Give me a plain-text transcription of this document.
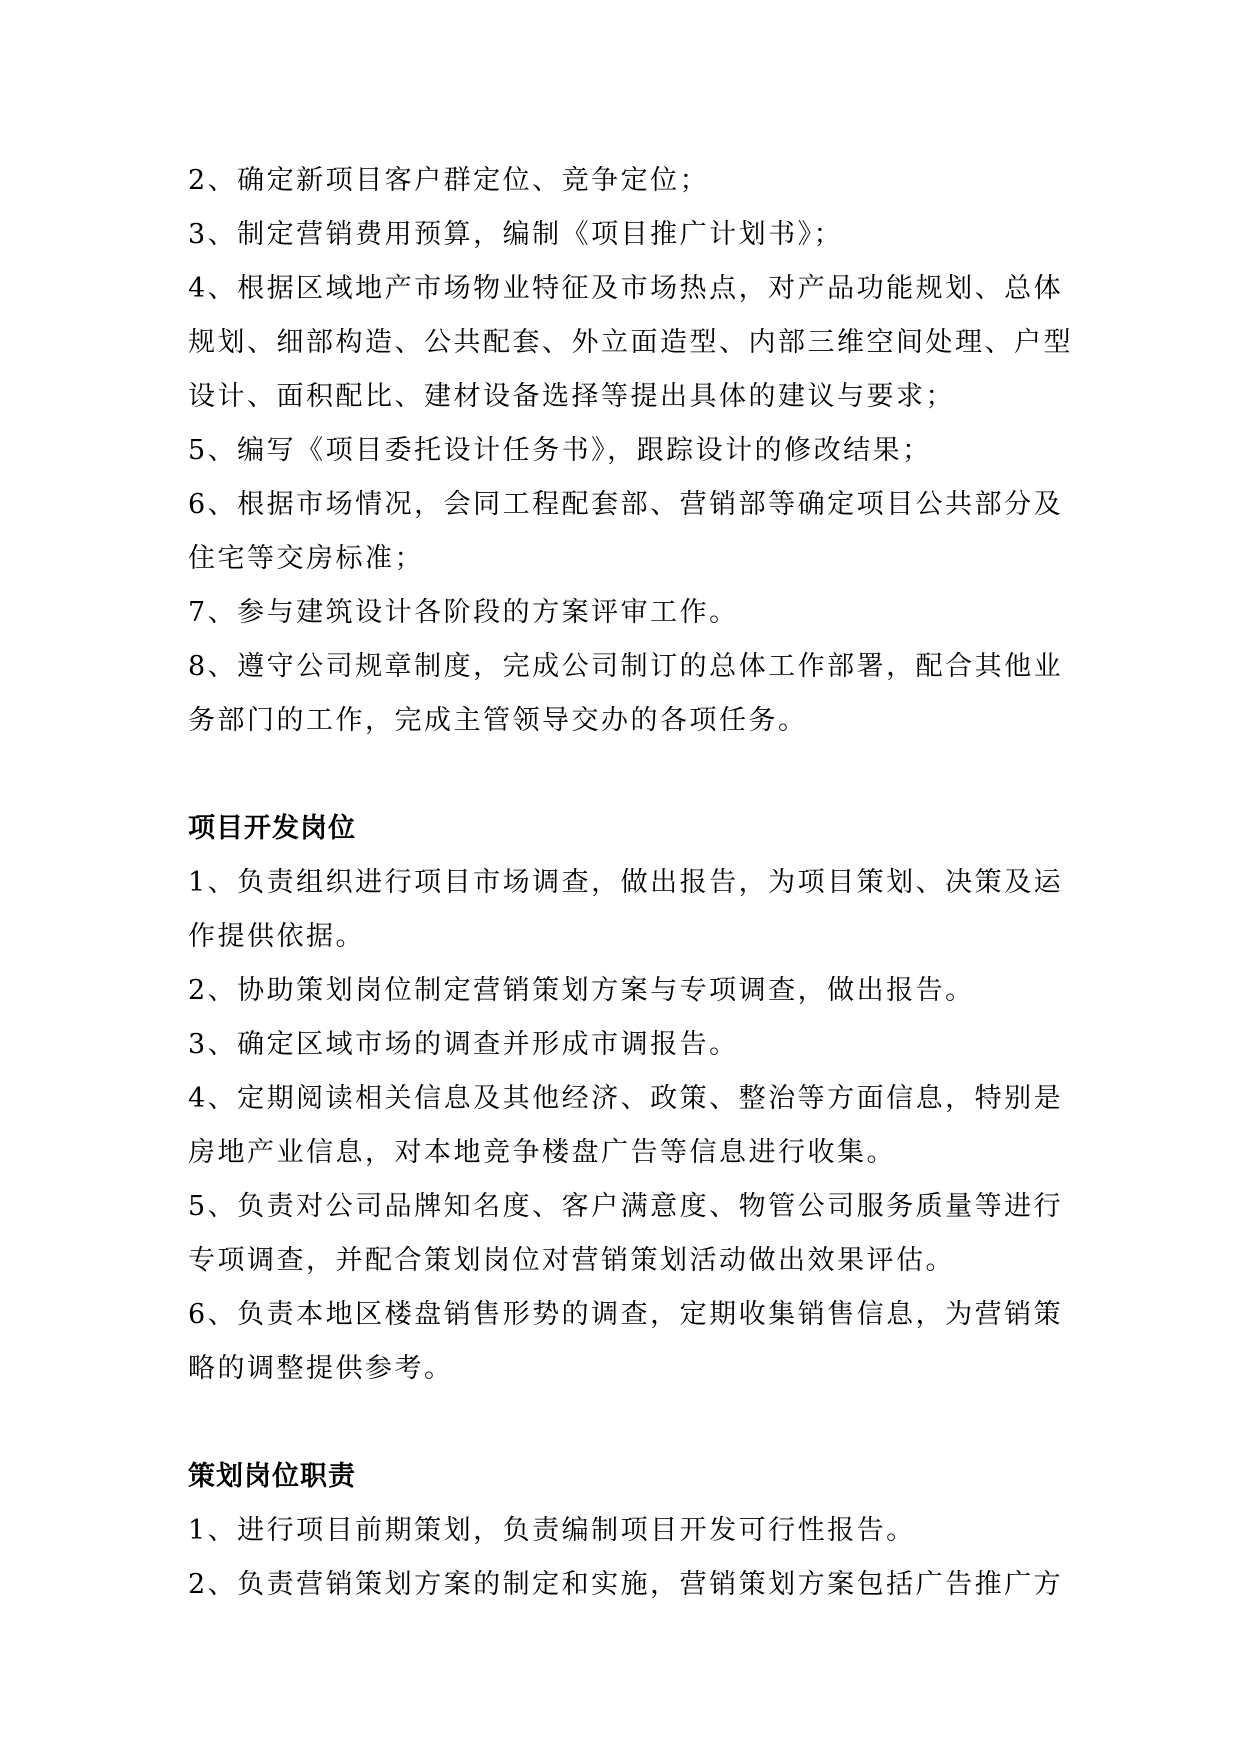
2、确定新项目客户群定位、竞争定位；

3、制定营销费用预算，编制《项目推广计划书》；

4、根据区域地产市场物业特征及市场热点，对产品功能规划、总体

规划、细部构造、公共配套、外立面造型、内部三维空间处理、户型

设计、面积配比、建材设备选择等提出具体的建议与要求；

5、编写《项目委托设计任务书》，跟踪设计的修改结果；

6、根据市场情况，会同工程配套部、营销部等确定项目公共部分及

住宅等交房标准；

7、参与建筑设计各阶段的方案评审工作。

8、遵守公司规章制度，完成公司制订的总体工作部署，配合其他业

务部门的工作，完成主管领导交办的各项任务。

项目开发岗位

1、负责组织进行项目市场调查，做出报告，为项目策划、决策及运

作提供依据。

2、协助策划岗位制定营销策划方案与专项调查，做出报告。

3、确定区域市场的调查并形成市调报告。

4、定期阅读相关信息及其他经济、政策、整治等方面信息，特别是

房地产业信息，对本地竞争楼盘广告等信息进行收集。

5、负责对公司品牌知名度、客户满意度、物管公司服务质量等进行

专项调查，并配合策划岗位对营销策划活动做出效果评估。

6、负责本地区楼盘销售形势的调查，定期收集销售信息，为营销策

略的调整提供参考。

策划岗位职责

1、进行项目前期策划，负责编制项目开发可行性报告。

2、负责营销策划方案的制定和实施，营销策划方案包括广告推广方
